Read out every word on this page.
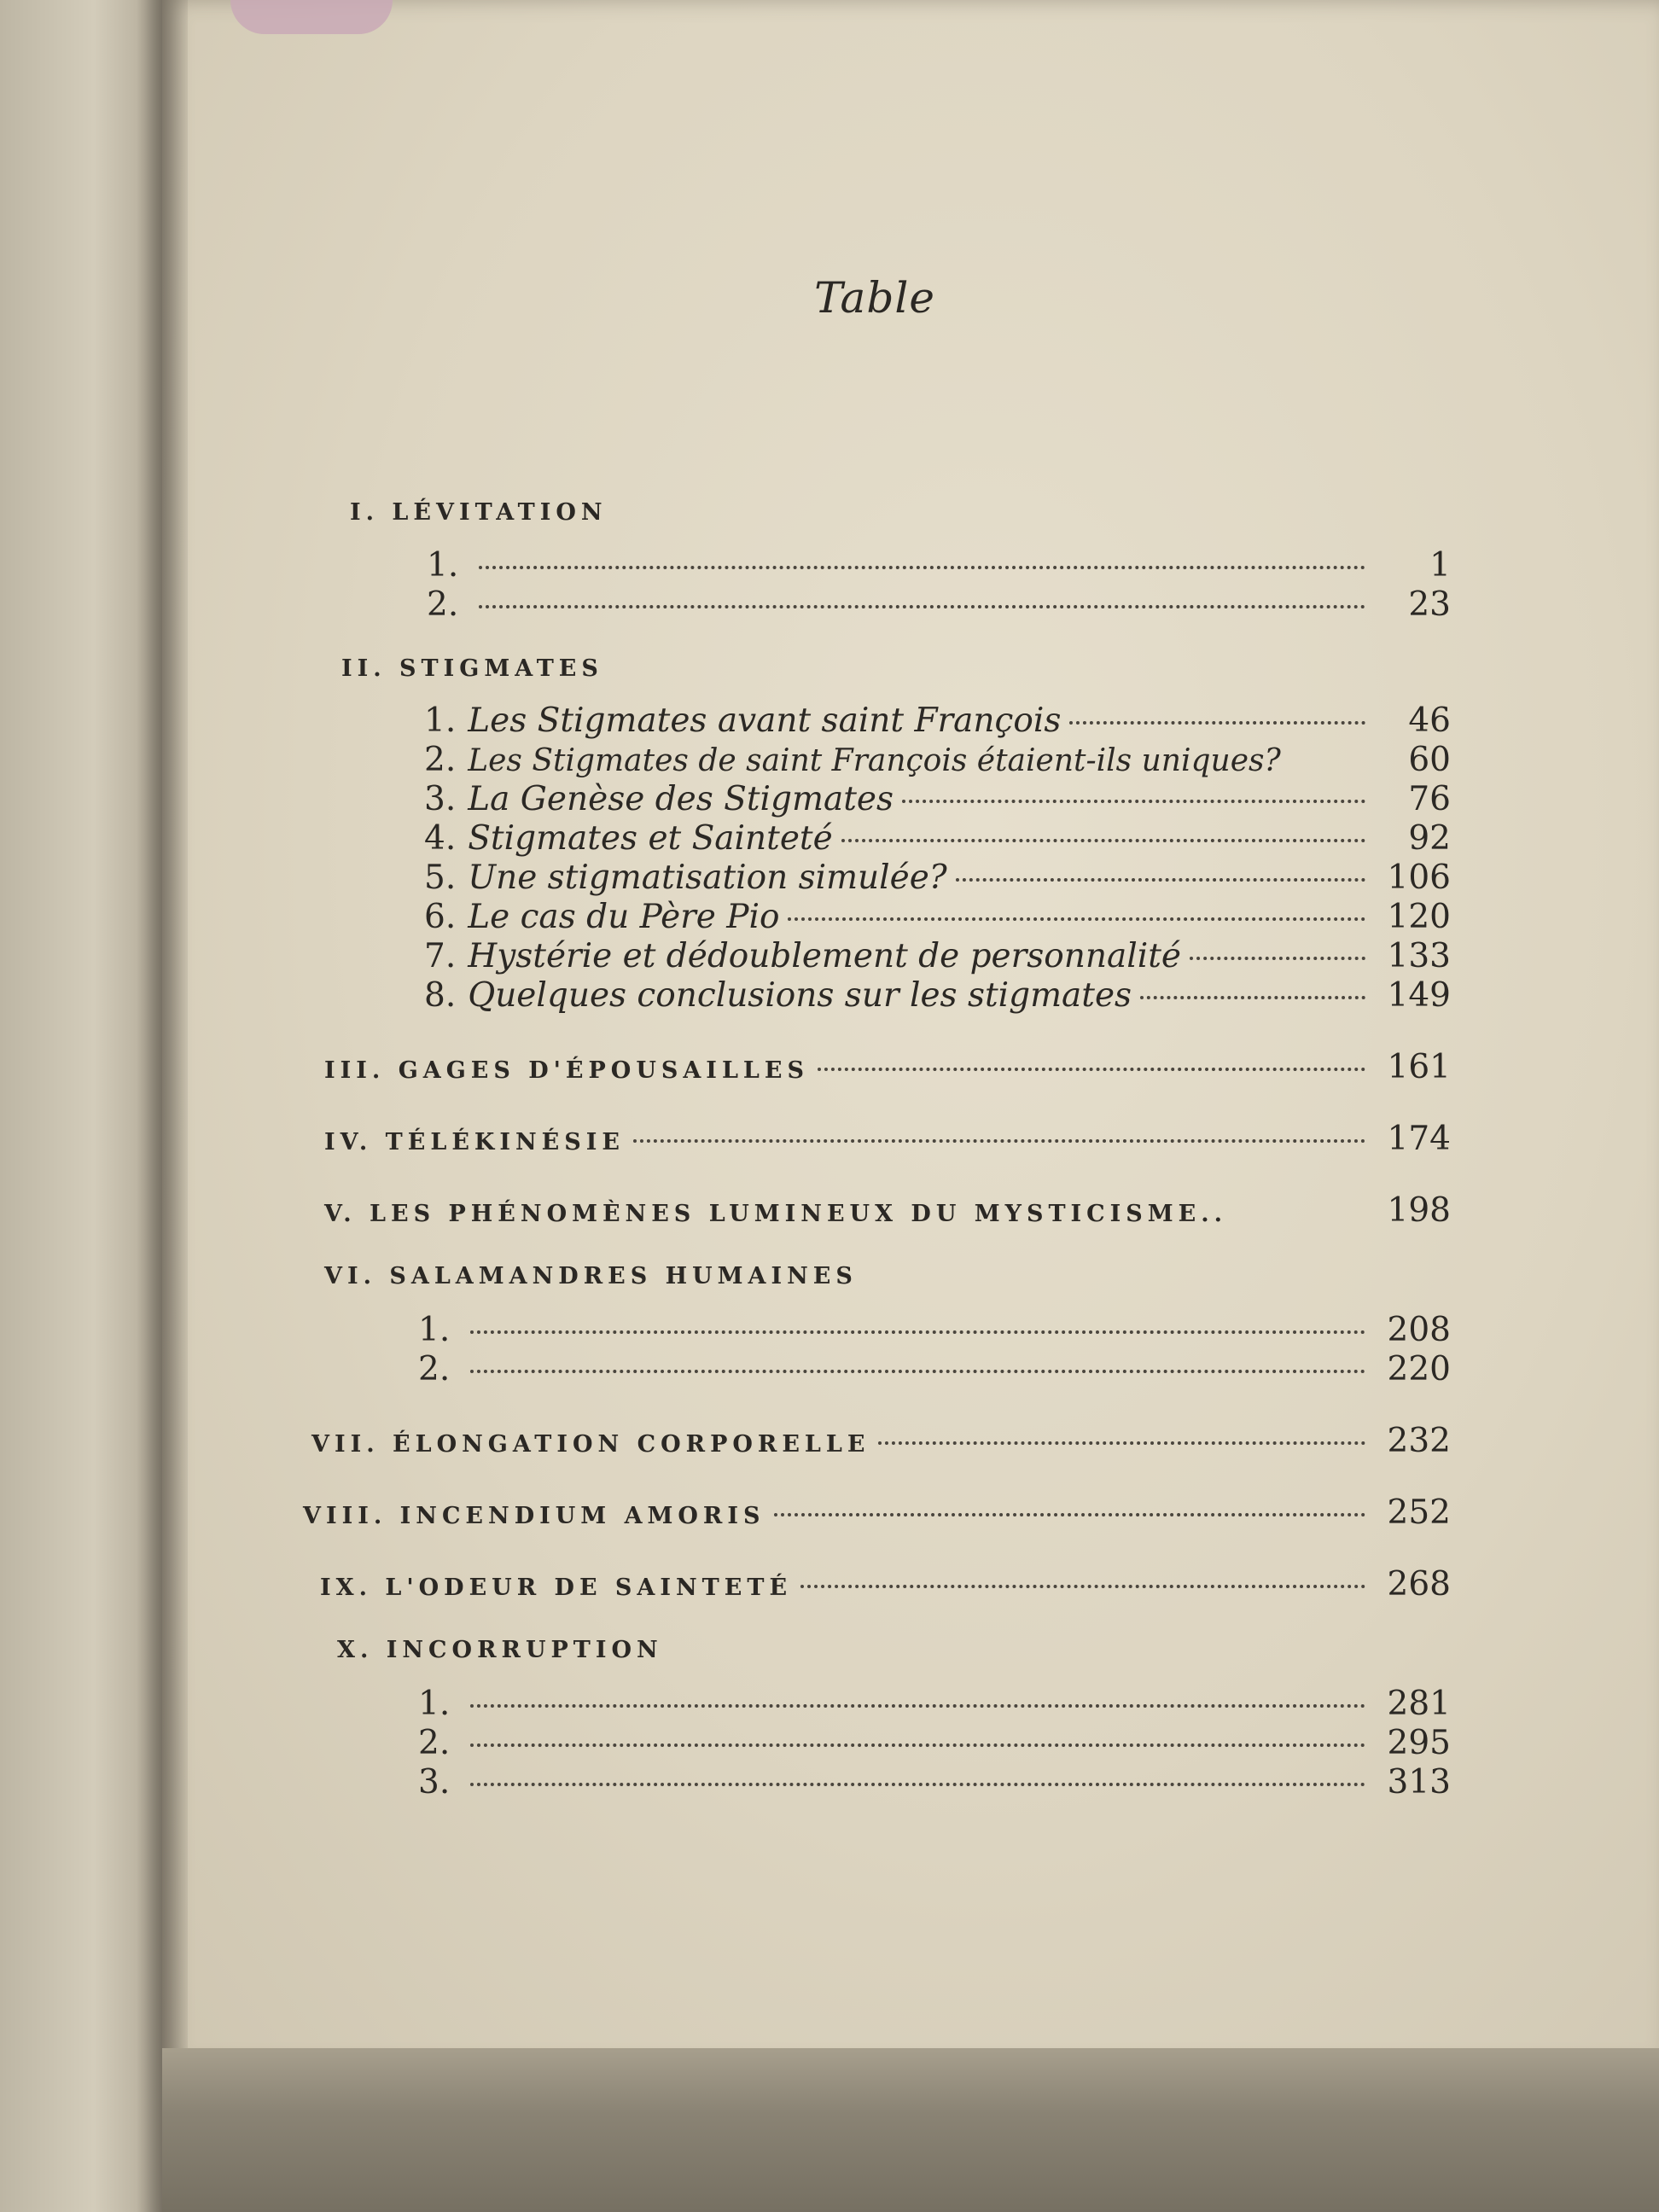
Table
I. LÉVITATION
1.	1
2.	23
II. STIGMATES
1. Les Stigmates avant saint François	46
2. Les Stigmates de saint François étaient-ils uniques?	60
3. La Genèse des Stigmates	76
4. Stigmates et Sainteté	92
5. Une stigmatisation simulée?	106
6. Le cas du Père Pio	120
7. Hystérie et dédoublement de personnalité	133
8. Quelques conclusions sur les stigmates	149
III. GAGES D'ÉPOUSAILLES	161
IV. TÉLÉKINÉSIE	174
V. LES PHÉNOMÈNES LUMINEUX DU MYSTICISME..	198
VI. SALAMANDRES HUMAINES
1.	208
2.	220
VII. ÉLONGATION CORPORELLE	232
VIII. INCENDIUM AMORIS	252
IX. L'ODEUR DE SAINTETÉ	268
X. INCORRUPTION
1.	281
2.	295
3.	313
